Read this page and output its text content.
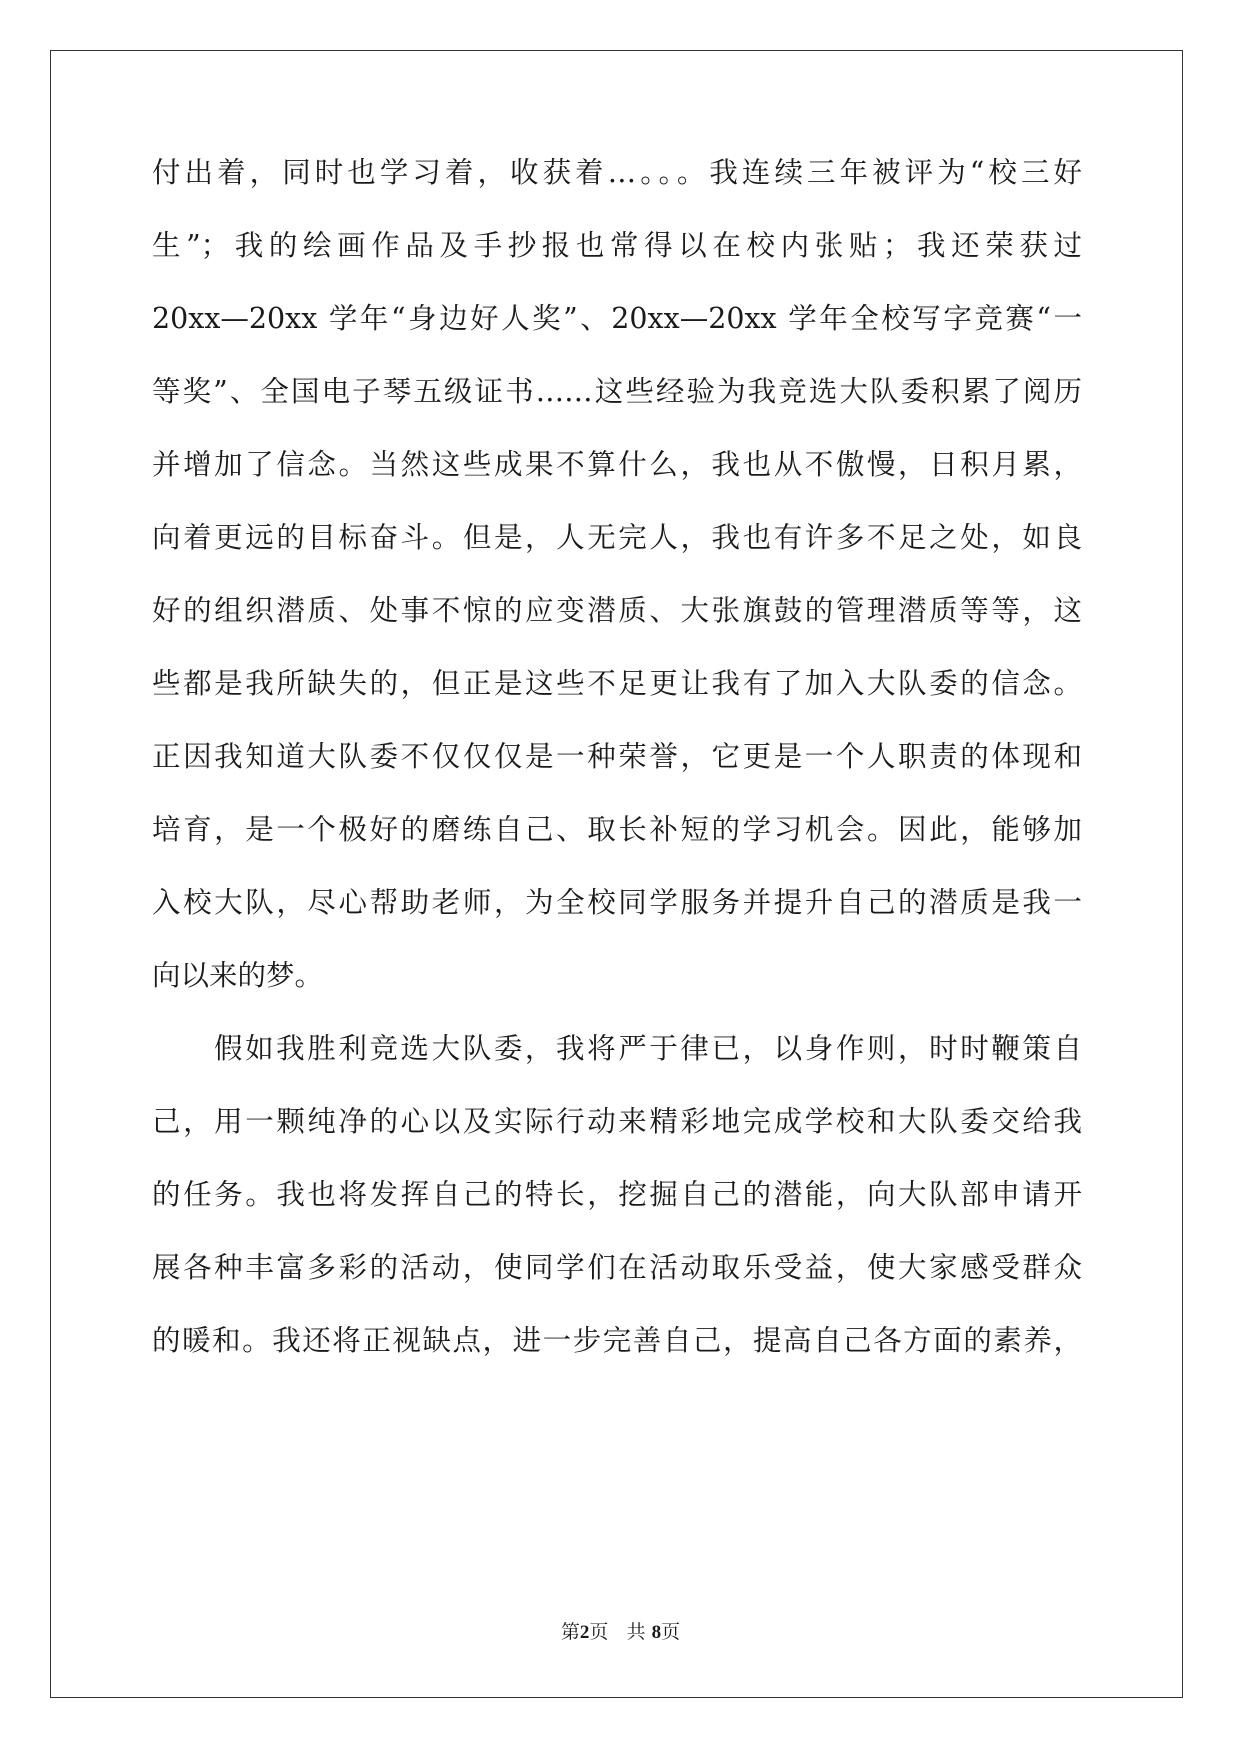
付出着，同时也学习着，收获着…。。。我连续三年被评为“校三好
生”；我的绘画作品及手抄报也常得以在校内张贴；我还荣获过
20xx—20xx 学年“身边好人奖”、20xx—20xx 学年全校写字竞赛“一
等奖”、全国电子琴五级证书……这些经验为我竞选大队委积累了阅历
并增加了信念。当然这些成果不算什么，我也从不傲慢，日积月累，
向着更远的目标奋斗。但是，人无完人，我也有许多不足之处，如良
好的组织潜质、处事不惊的应变潜质、大张旗鼓的管理潜质等等，这
些都是我所缺失的，但正是这些不足更让我有了加入大队委的信念。
正因我知道大队委不仅仅仅是一种荣誉，它更是一个人职责的体现和
培育，是一个极好的磨练自己、取长补短的学习机会。因此，能够加
入校大队，尽心帮助老师，为全校同学服务并提升自己的潜质是我一
向以来的梦。
假如我胜利竞选大队委，我将严于律已，以身作则，时时鞭策自
己，用一颗纯净的心以及实际行动来精彩地完成学校和大队委交给我
的任务。我也将发挥自己的特长，挖掘自己的潜能，向大队部申请开
展各种丰富多彩的活动，使同学们在活动取乐受益，使大家感受群众
的暖和。我还将正视缺点，进一步完善自己，提高自己各方面的素养，
第2页 共 8页
